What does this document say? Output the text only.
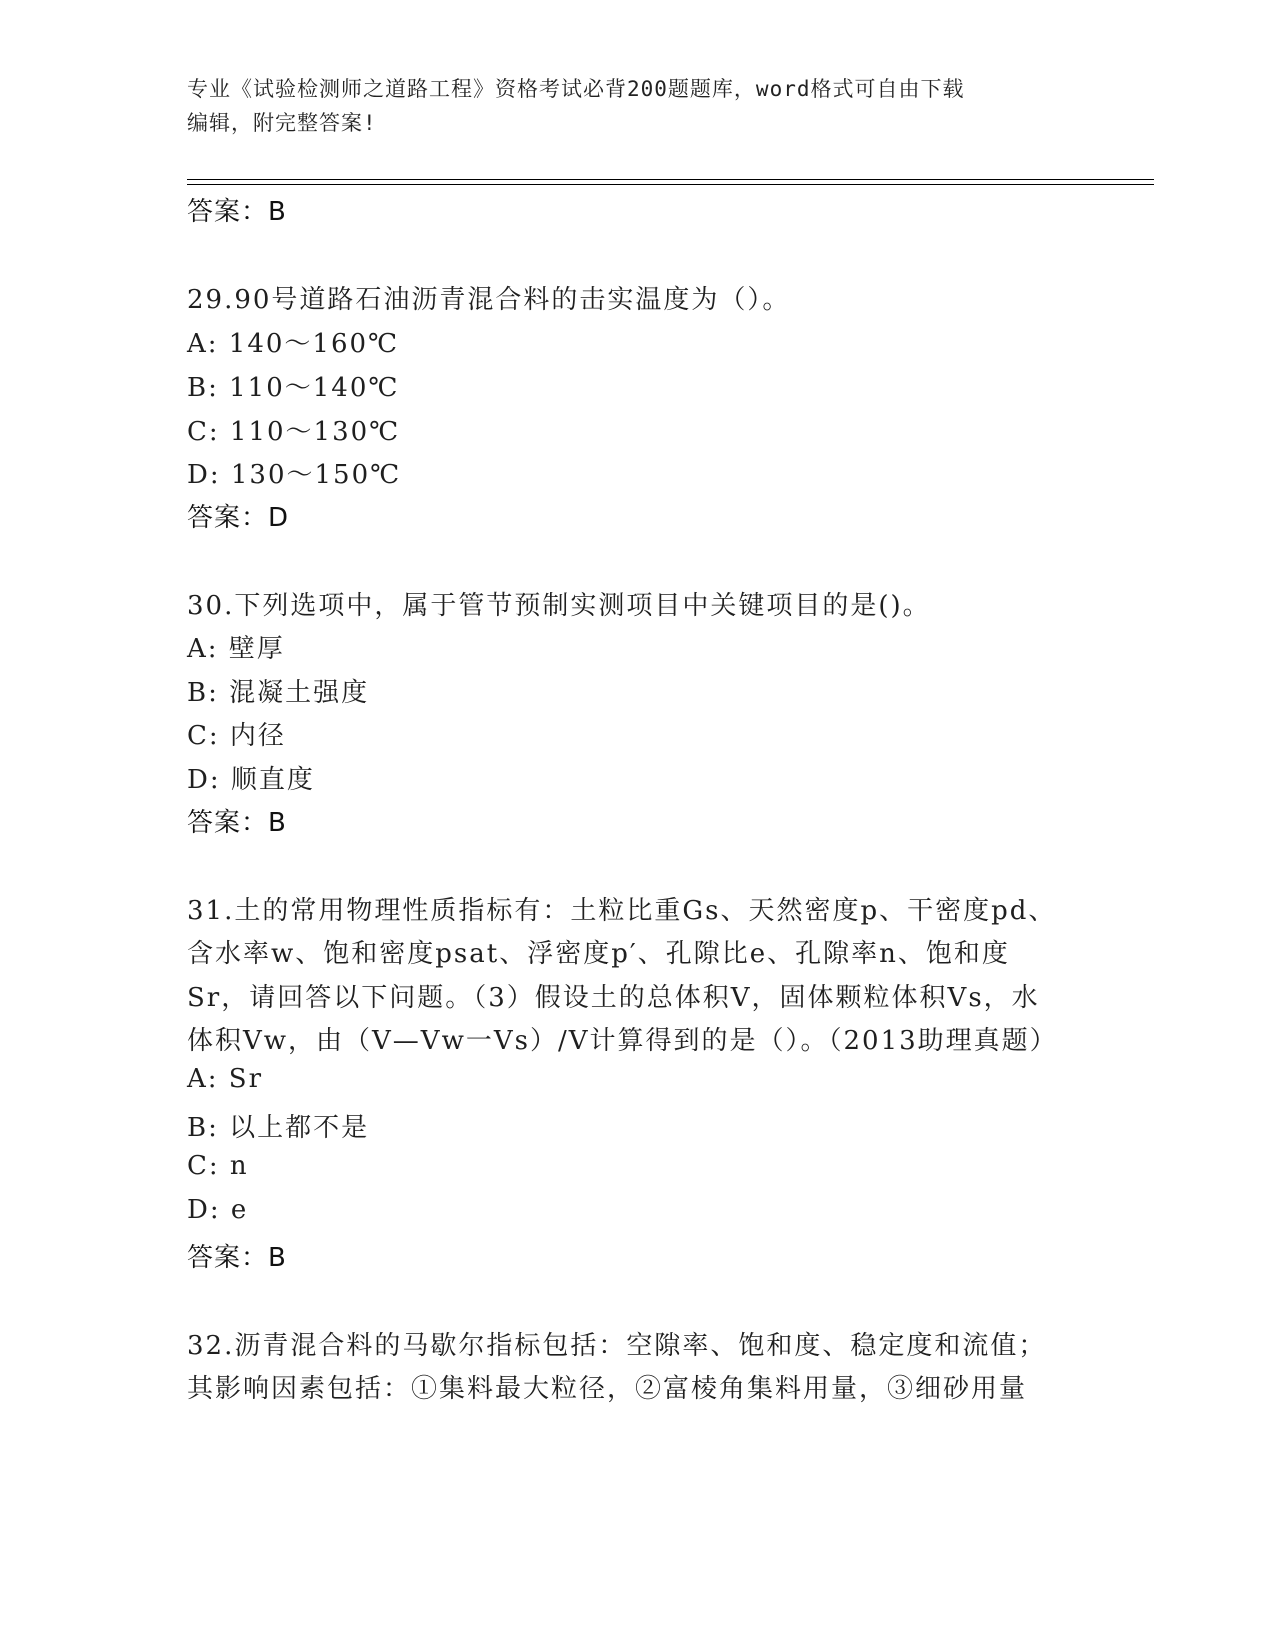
专业《试验检测师之道路工程》资格考试必背200题题库，word格式可自由下载
编辑，附完整答案!
答案：B
29.90号道路石油沥青混合料的击实温度为（）。
A: 140～160℃
B: 110～140℃
C: 110～130℃
D: 130～150℃
答案：D
30.下列选项中，属于管节预制实测项目中关键项目的是()。
A: 壁厚
B: 混凝土强度
C: 内径
D: 顺直度
答案：B
31.土的常用物理性质指标有：土粒比重Gs、天然密度p、干密度pd、
含水率w、饱和密度psat、浮密度p′、孔隙比e、孔隙率n、饱和度
Sr，请回答以下问题。（3）假设土的总体积V，固体颗粒体积Vs，水
体积Vw，由（V—Vw一Vs）/V计算得到的是（）。（2013助理真题）
A: Sr
B: 以上都不是
C: n
D: e
答案：B
32.沥青混合料的马歇尔指标包括：空隙率、饱和度、稳定度和流值；
其影响因素包括：①集料最大粒径，②富棱角集料用量，③细砂用量
